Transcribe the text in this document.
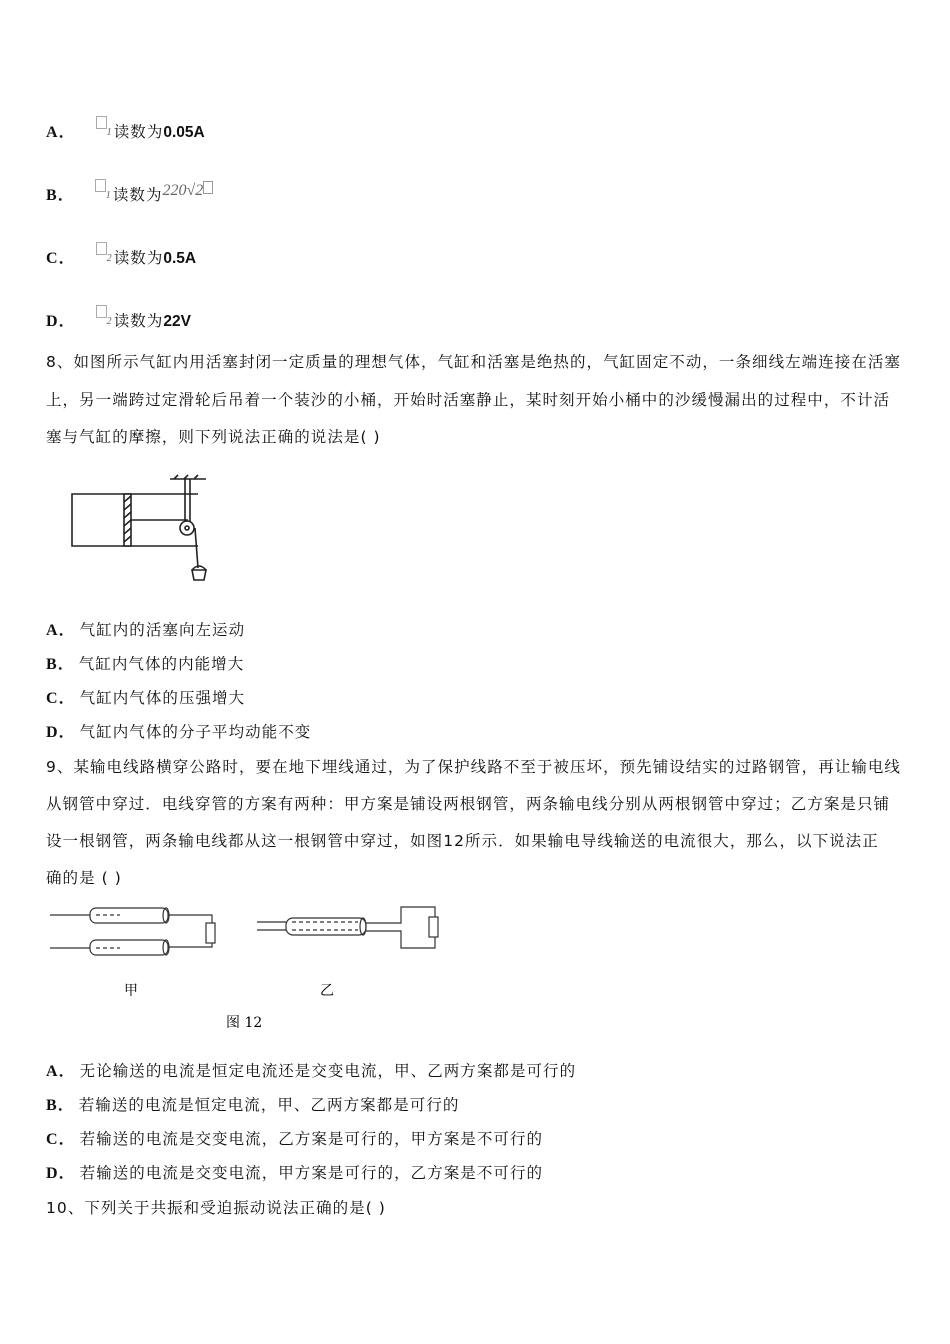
A．	$^1$读数为0.05A
B．	$^1$读数为220√2
C．	$^2$读数为0.5A
D．	$^2$读数为22V
8、如图所示气缸内用活塞封闭一定质量的理想气体，气缸和活塞是绝热的，气缸固定不动，一条细线左端连接在活塞
上，另一端跨过定滑轮后吊着一个装沙的小桶，开始时活塞静止，某时刻开始小桶中的沙缓慢漏出的过程中，不计活
塞与气缸的摩擦，则下列说法正确的说法是( )
A． 气缸内的活塞向左运动
B． 气缸内气体的内能增大
C． 气缸内气体的压强增大
D． 气缸内气体的分子平均动能不变
9、某输电线路横穿公路时，要在地下埋线通过，为了保护线路不至于被压坏，预先铺设结实的过路钢管，再让输电线
从钢管中穿过．电线穿管的方案有两种：甲方案是铺设两根钢管，两条输电线分别从两根钢管中穿过；乙方案是只铺
设一根钢管，两条输电线都从这一根钢管中穿过，如图12所示．如果输电导线输送的电流很大，那么，以下说法正
确的是 ( )
甲	乙
图 12
A． 无论输送的电流是恒定电流还是交变电流，甲、乙两方案都是可行的
B． 若输送的电流是恒定电流，甲、乙两方案都是可行的
C． 若输送的电流是交变电流，乙方案是可行的，甲方案是不可行的
D． 若输送的电流是交变电流，甲方案是可行的，乙方案是不可行的
10、下列关于共振和受迫振动说法正确的是( )
